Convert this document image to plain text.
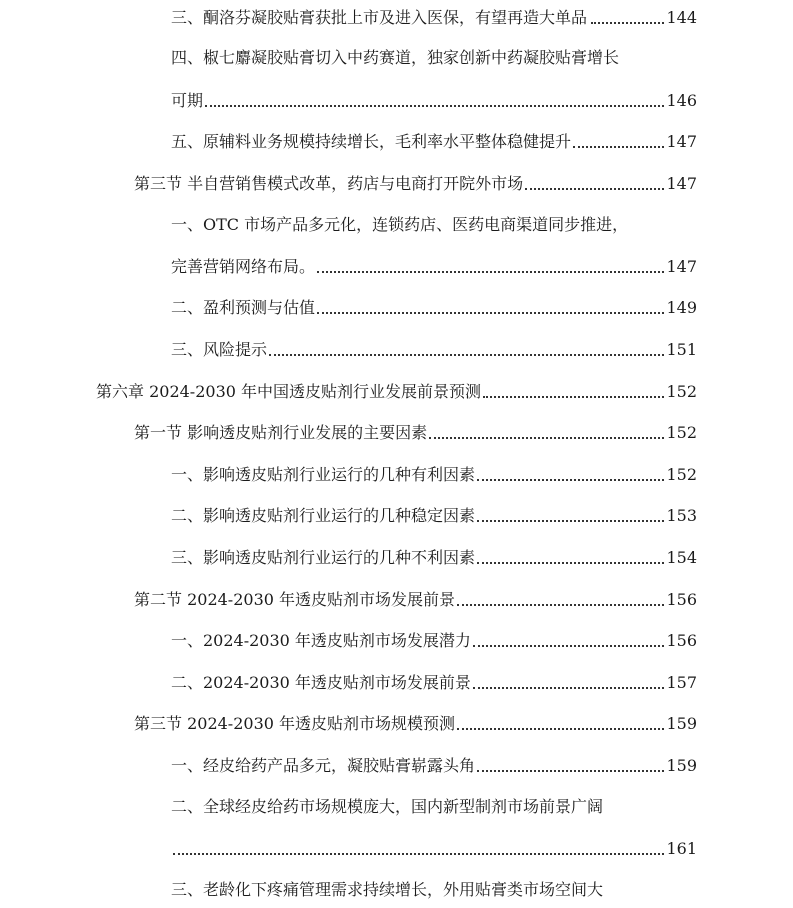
三、酮洛芬凝胶贴膏获批上市及进入医保，有望再造大单品	144
四、椒七麝凝胶贴膏切入中药赛道，独家创新中药凝胶贴膏增长
可期	146
五、原辅料业务规模持续增长，毛利率水平整体稳健提升	147
第三节 半自营销售模式改革，药店与电商打开院外市场	147
一、OTC 市场产品多元化，连锁药店、医药电商渠道同步推进，
完善营销网络布局。	147
二、盈利预测与估值	149
三、风险提示	151
第六章 2024-2030 年中国透皮贴剂行业发展前景预测	152
第一节 影响透皮贴剂行业发展的主要因素	152
一、影响透皮贴剂行业运行的几种有利因素	152
二、影响透皮贴剂行业运行的几种稳定因素	153
三、影响透皮贴剂行业运行的几种不利因素	154
第二节 2024-2030 年透皮贴剂市场发展前景	156
一、2024-2030 年透皮贴剂市场发展潜力	156
二、2024-2030 年透皮贴剂市场发展前景	157
第三节 2024-2030 年透皮贴剂市场规模预测	159
一、经皮给药产品多元，凝胶贴膏崭露头角	159
二、全球经皮给药市场规模庞大，国内新型制剂市场前景广阔
161
三、老龄化下疼痛管理需求持续增长，外用贴膏类市场空间大
